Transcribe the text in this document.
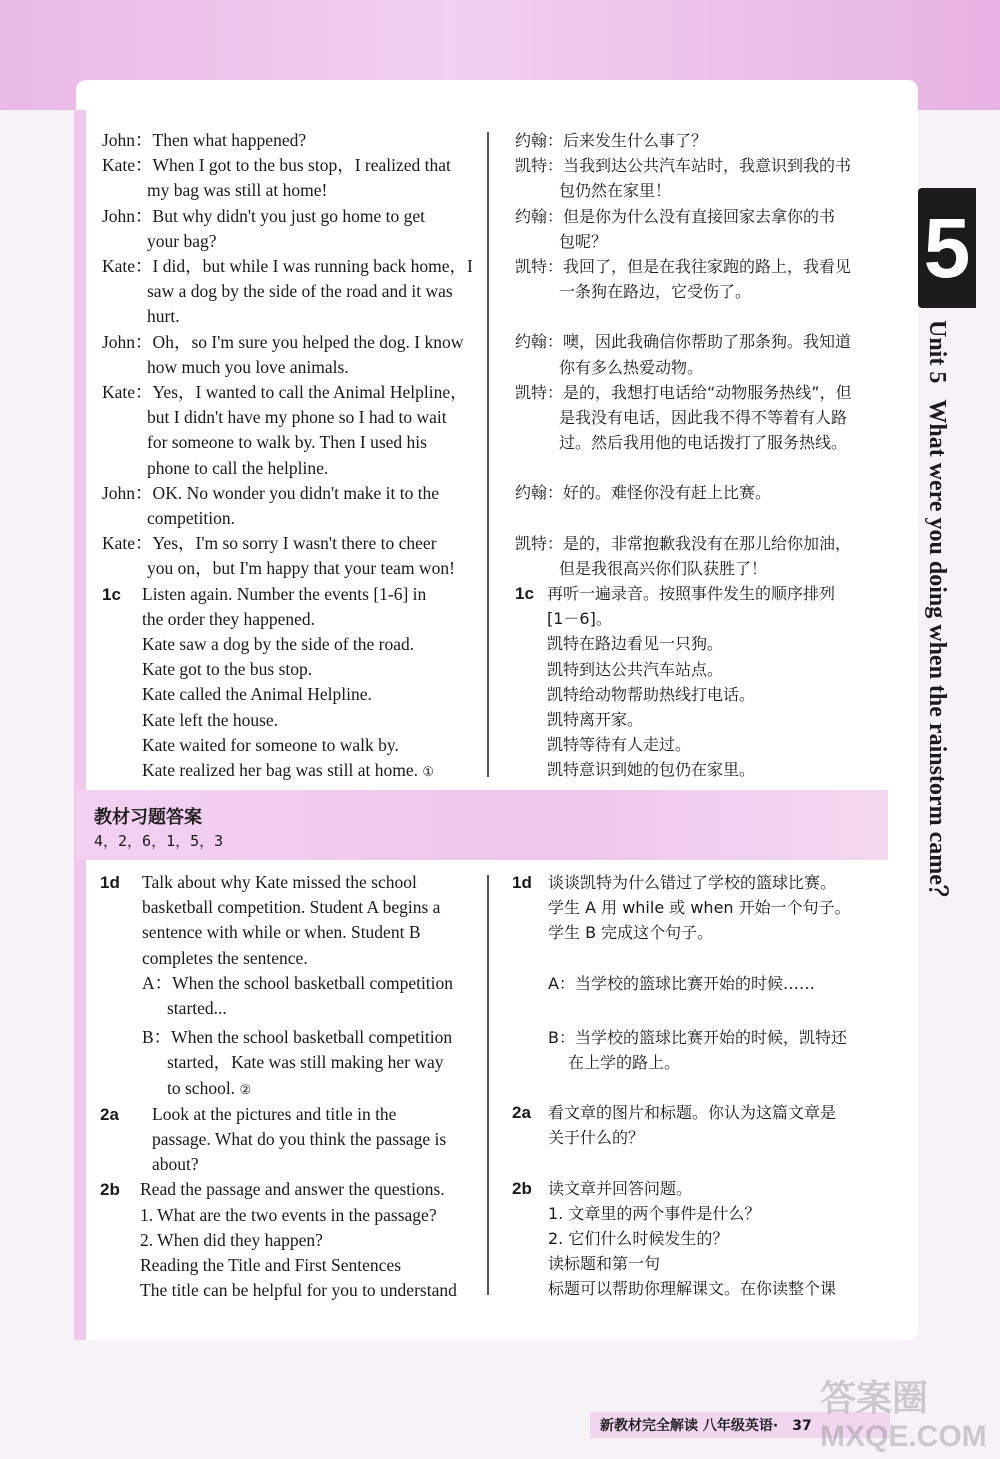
5
Unit 5What were you doing when the rainstorm came？
John：Then what happened?
Kate：When I got to the bus stop，I realized that
my bag was still at home!
John：But why didn't you just go home to get
your bag?
Kate：I did，but while I was running back home，I
saw a dog by the side of the road and it was
hurt.
John：Oh，so I'm sure you helped the dog. I know
how much you love animals.
Kate：Yes，I wanted to call the Animal Helpline，
but I didn't have my phone so I had to wait
for someone to walk by. Then I used his
phone to call the helpline.
John：OK. No wonder you didn't make it to the
competition.
Kate：Yes，I'm so sorry I wasn't there to cheer
you on，but I'm happy that your team won!
1c Listen again. Number the events [1-6] in
the order they happened.
Kate saw a dog by the side of the road.
Kate got to the bus stop.
Kate called the Animal Helpline.
Kate left the house.
Kate waited for someone to walk by.
Kate realized her bag was still at home. ①
约翰：后来发生什么事了？
凯特：当我到达公共汽车站时，我意识到我的书
包仍然在家里！
约翰：但是你为什么没有直接回家去拿你的书
包呢？
凯特：我回了，但是在我往家跑的路上，我看见
一条狗在路边，它受伤了。
约翰：噢，因此我确信你帮助了那条狗。我知道
你有多么热爱动物。
凯特：是的，我想打电话给“动物服务热线”，但
是我没有电话，因此我不得不等着有人路
过。然后我用他的电话拨打了服务热线。
约翰：好的。难怪你没有赶上比赛。
凯特：是的，非常抱歉我没有在那儿给你加油，
但是我很高兴你们队获胜了！
1c 再听一遍录音。按照事件发生的顺序排列
[1－6]。
凯特在路边看见一只狗。
凯特到达公共汽车站点。
凯特给动物帮助热线打电话。
凯特离开家。
凯特等待有人走过。
凯特意识到她的包仍在家里。
教材习题答案
4，2，6，1，5，3
1d Talk about why Kate missed the school
basketball competition. Student A begins a
sentence with while or when. Student B
completes the sentence.
A：When the school basketball competition
started...
B：When the school basketball competition
started，Kate was still making her way
to school. ②
2a Look at the pictures and title in the
passage. What do you think the passage is
about?
2b Read the passage and answer the questions.
1. What are the two events in the passage?
2. When did they happen?
Reading the Title and First Sentences
The title can be helpful for you to understand
1d 谈谈凯特为什么错过了学校的篮球比赛。
学生 A 用 while 或 when 开始一个句子。
学生 B 完成这个句子。
A：当学校的篮球比赛开始的时候……
B：当学校的篮球比赛开始的时候，凯特还
在上学的路上。
2a 看文章的图片和标题。你认为这篇文章是
关于什么的？
2b 读文章并回答问题。
1. 文章里的两个事件是什么？
2. 它们什么时候发生的？
读标题和第一句
标题可以帮助你理解课文。在你读整个课
新教材完全解读 八年级英语· 37
答案圈
MXQE.COM
